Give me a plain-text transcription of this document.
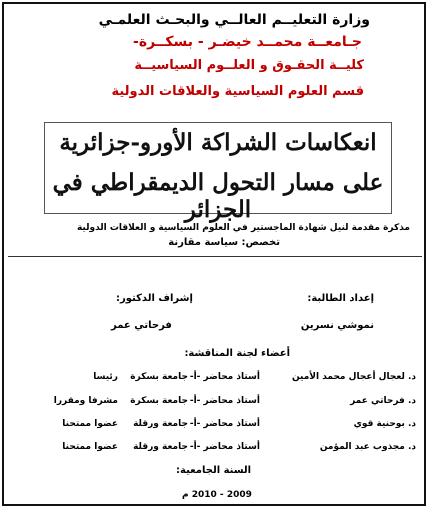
وزارة التعليــم العالــي والبحـث العلمـي
جـامعــة محمــد خيضـر - بسكــرة-
كليــة الحقـوق و العلــوم السياسيــة
قسم العلوم السياسية والعلاقات الدولية
انعكاسات الشراكة الأورو-جزائرية
على مسار التحول الديمقراطي في الجزائر
مذكرة مقدمة لنيل شهادة الماجستير في العلوم السياسية و العلاقات الدولية
تخصص: سياسة مقارنة
إعداد الطالبة:
نموشي نسرين
إشراف الدكتور:
فرحاتي عمر
أعضاء لجنة المناقشة:
د. لعجال أعجال محمد الأمين
أستاذ محاضر -أ-
جامعة بسكرة
رئيسا
د. فرحاتي عمر
أستاذ محاضر -أ-
جامعة بسكرة
مشرفا ومقررا
د. بوحنية قوي
أستاذ محاضر -أ-
جامعة ورقلة
عضوا ممتحنا
د. مجذوب عبد المؤمن
أستاذ محاضر -أ-
جامعة ورقلة
عضوا ممتحنا
السنة الجامعية:
2009 - 2010 م
